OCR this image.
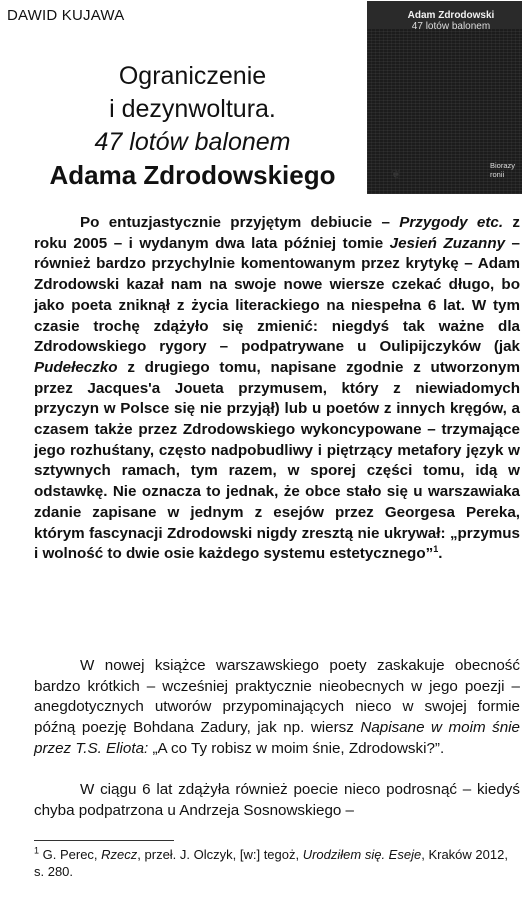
DAWID KUJAWA	Adam Zdrodowski
47 lotów balonem
Biorazy
ronii
❦
Ograniczenie
i dezynwoltura.
47 lotów balonem
Adama Zdrodowskiego
Po entuzjastycznie przyjętym debiucie – Przygody etc. z roku 2005 – i wydanym dwa lata później tomie Jesień Zuzanny – również bardzo przychylnie komentowanym przez krytykę – Adam Zdrodowski kazał nam na swoje nowe wiersze czekać długo, bo jako poeta zniknął z życia literackiego na niespełna 6 lat. W tym czasie trochę zdążyło się zmienić: niegdyś tak ważne dla Zdrodowskiego rygory – podpatrywane u Oulipijczyków (jak Pudełeczko z drugiego tomu, napisane zgodnie z utworzonym przez Jacques'a Joueta przymusem, który z niewiadomych przyczyn w Polsce się nie przyjął) lub u poetów z innych kręgów, a czasem także przez Zdrodowskiego wykoncypowane – trzymające jego rozhuśtany, często nadpobudliwy i piętrzący metafory język w sztywnych ramach, tym razem, w sporej części tomu, idą w odstawkę. Nie oznacza to jednak, że obce stało się u warszawiaka zdanie zapisane w jednym z esejów przez Georgesa Pereka, którym fascynacji Zdrodowski nigdy zresztą nie ukrywał: „przymus i wolność to dwie osie każdego systemu estetycznego”$^1$.
W nowej książce warszawskiego poety zaskakuje obecność bardzo krótkich – wcześniej praktycznie nieobecnych w jego poezji – anegdotycznych utworów przypominających nieco w swojej formie późną poezję Bohdana Zadury, jak np. wiersz Napisane w moim śnie przez T.S. Eliota: „A co Ty robisz w moim śnie, Zdrodowski?”.
W ciągu 6 lat zdążyła również poecie nieco podrosnąć – kiedyś chyba podpatrzona u Andrzeja Sosnowskiego –
$^1$ G. Perec, Rzecz, przeł. J. Olczyk, [w:] tegoż, Urodziłem się. Eseje, Kraków 2012, s. 280.
